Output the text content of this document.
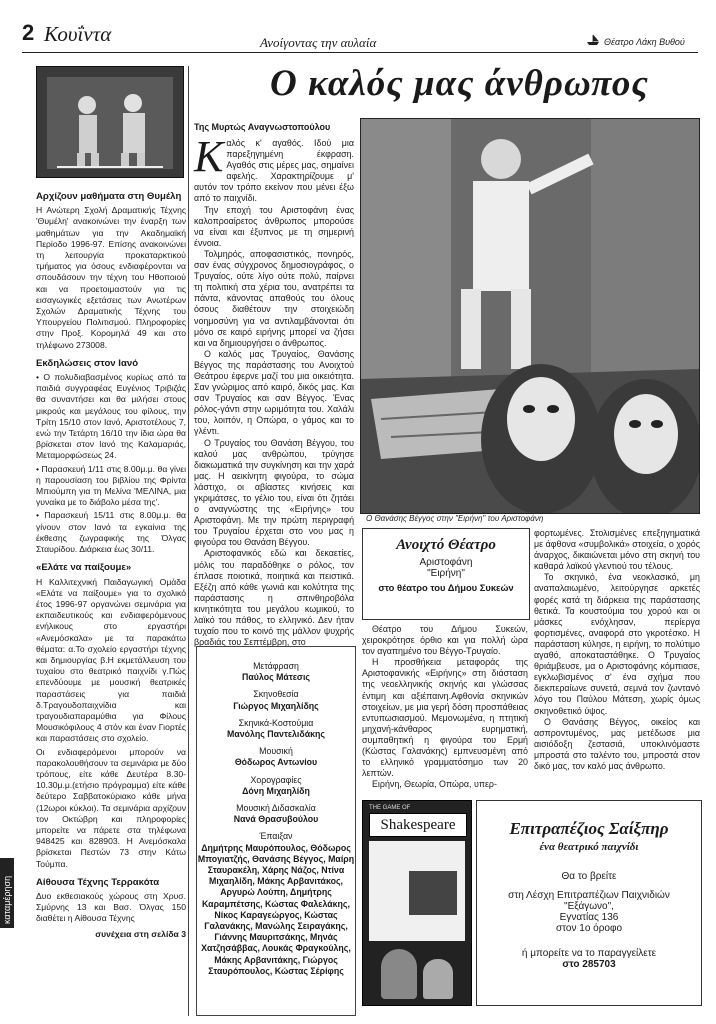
2 Κουΐντα	Ανοίγοντας την αυλαία	Θέατρο Λάκη Βυθού
Ο καλός μας άνθρωπος
Αρχίζουν μαθήματα στη Θυμέλη

Η Ανώτερη Σχολή Δραματικής Τέχνης 'Θυμέλη' ανακοινώνει την έναρξη των μαθημάτων για την Ακαδημαϊκή Περίοδο 1996-97. Επίσης ανακοινώνει τη λειτουργία προκαταρκτικού τμήματος για όσους ενδιαφέρονται να σπουδάσουν την τέχνη του Ηθοποιού και να προετοιμαστούν για τις εισαγωγικές εξετάσεις των Ανωτέρων Σχολών Δραματικής Τέχνης του Υπουργείου Πολιτισμού. Πληροφορίες στην Προξ. Κορομηλά 49 και στο τηλέφωνο 273008.

Εκδηλώσεις στον Ιανό

• Ο πολυδιαβασμένος κυρίως από τα παιδιά συγγραφέας Ευγένιος Τριβιζάς θα συναντήσει και θα μιλήσει στους μικρούς και μεγάλους του φίλους, την Τρίτη 15/10 στον Ιανό, Αριστοτέλους 7, ενώ την Τετάρτη 16/10 την ίδια ώρα θα βρίσκεται στον Ιανό της Καλαμαριάς, Μεταμορφώσεως 24.

• Παρασκευή 1/11 στις 8.00μ.μ. θα γίνει η παρουσίαση του βιβλίου της Φρίντα Μπιούμπη για τη Μελίνα 'ΜΕΛΙΝΑ, μια γυναίκα με το διάβολο μέσα της'.

• Παρασκευή 15/11 στις 8.00μ.μ. θα γίνουν στον Ιανό τα εγκαίνια της έκθεσης ζωγραφικής της Όλγας Σταυρίδου. Διάρκεια έως 30/11.

«Ελάτε να παίξουμε»

Η Καλλιτεχνική Παιδαγωγική Ομάδα «Ελάτε να παίξουμε» για το σχολικό έτος 1996-97 οργανώνει σεμινάρια για εκπαιδευτικούς και ενδιαφερόμενους ενήλικους στο εργαστήρι «Ανεμόσκαλα» με τα παρακάτω θέματα: α.Το σχολείο εργαστήρι τέχνης και δημιουργίας β.Η εκμετάλλευση του τυχαίου στο θεατρικό παιχνίδι γ.Πώς επενδύουμε με μουσική θεατρικές παραστάσεις για παιδιά δ.Τραγουδοπαιχνίδια και τραγουδιαπαραμύθια για Φίλους Μουσικόφιλους 4 στόν και έναν Γιορτές και παραστάσεις στο σχολείο.

Οι ενδιαφερόμενοι μπορούν να παρακολουθήσουν τα σεμινάρια με δύο τρόπους, είτε κάθε Δευτέρα 8.30-10.30μ.μ.(ετήσιο πρόγραμμα) είτε κάθε δεύτερο Σαββατοκύριακο κάθε μήνα (12ωροι κύκλοι). Τα σεμινάρια αρχίζουν τον Οκτώβρη και πληροφορίες μπορείτε να πάρετε στα τηλέφωνα 948425 και 828903. Η Ανεμόσκαλα βρίσκεται Πεστών 73 στην Κάτω Τούμπα.

Αίθουσα Τέχνης Τερρακότα

Δυο εκθεσιακούς χώρους στη Χρυσ. Σμύρνης 13 και Βασ. Όλγας 150 διαθέτει η Αίθουσα Τέχνης

συνέχεια στη σελίδα 3
καταμέρηση
Της Μυρτώς Αναγνωστοπούλου

Καλός κ' αγαθός. Ιδού μια παρεξηγημένη έκφραση. Αγαθός στις μέρες μας, σημαίνει αφελής. Χαρακτηρίζουμε μ' αυτόν τον τρόπο εκείνον που μένει έξω από το παιχνίδι.

Την εποχή του Αριστοφάνη ένας καλοπροαίρετος άνθρωπος μπορούσε να είναι και έξυπνος με τη σημερινή έννοια.

Τολμηρός, αποφασιστικός, πονηρός, σαν ένας σύγχρονος δημοσιογράφος, ο Τρυγαίος, ούτε λίγο ούτε πολύ, παίρνει τη πολιτική στα χέρια του, ανατρέπει τα πάντα, κάνοντας απαθούς του όλους όσους διαθέτουν την στοιχειώδη νοημοσύνη για να αντιλαμβάνονται ότι μόνο σε καιρό ειρήνης μπορεί να ζήσει και να δημιουργήσει ο άνθρωπος.

Ο καλός μας Τρυγαίος, Θανάσης Βέγγος της παράστασης του Ανοιχτού Θεάτρου έφερνε μαζί του μια οικειότητα. Σαν γνώριμος από καιρό, δικός μας. Και σαν Τρυγαίος και σαν Βέγγος. Ένας ρόλος-γάντι στην ωριμότητα του. Χαλάλι του, λοιπόν, η Οπώρα, ο γάμος και το γλέντι.

Ο Τρυγαίος του Θανάση Βέγγου, του καλού μας ανθρώπου, τρύγησε διακωματικά την συγκίνηση και την χαρά μας. Η αεικίνητη φιγούρα, το σώμα λάστιχο, οι αβίαστες κινήσεις και γκριμάτσες, το γέλιο του, είναι ότι ζητάει ο αναγνώστης της «Ειρήνης» του Αριστοφάνη. Με την πρώτη περιγραφή του Τρυγαίου έρχεται στο νου μας η φιγούρα του Θανάση Βέγγου.

Αριστοφανικός εδώ και δεκαετίες, μόλις του παραδόθηκε ο ρόλος, τον έπλασε ποιοτικά, ποιητικά και πειστικά. Εξέζη από κάθε γωνιά και κολύτητα της παράστασης η σπινθηροβόλα κινητικότητα του μεγάλου κωμικού, το λαϊκό του πάθος, το ελληνικό. Δεν ήταν τυχαίο που το κοινό της μάλλον ψυχρής βραδιάς του Σεπτέμβρη, στο

Μετάφραση
Παύλος Μάτεσις
Σκηνοθεσία
Γιώργος Μιχαηλίδης
Σκηνικά-Κοστούμια
Μανόλης Παντελιδάκης
Μουσική
Θόδωρος Αντωνίου
Χορογραφίες
Δόνη Μιχαηλίδη
Μουσική Διδασκαλία
Νανά Θρασυβούλου
Έπαιξαν
Δημήτρης Μαυρόπουλος, Θόδωρος Μπογιατζής, Θανάσης Βέγγος, Μαίρη Σταυρακέλη, Χάρης Νάζος, Ντίνα Μιχαηλίδη, Μάκης Αρβανιτάκος, Αργυρώ Λούπη, Δημήτρης Καραμπέτσης, Κώστας Φαλελάκης, Νίκος Καραγεώργος, Κώστας Γαλανάκης, Μανώλης Σειραγάκης, Γιάννης Μαυριτσάκης, Μηνάς Χατζησάββας, Λουκάς Φραγκούλης, Μάκης Αρβανιτάκης, Γιώργος Σταυρόπουλος, Κώστας Σέρίφης
Ο Θανάσης Βέγγος στην "Ειρήνη" του Αριστοφάνη
Ανοιχτό Θέατρο
Αριστοφάνη
"Ειρήνη"
στο θέατρο του Δήμου Συκεών

Θέατρο του Δήμου Συκεών, χειροκρότησε όρθιο και για πολλή ώρα τον αγαπημένο του Βέγγο-Τρυγαίο.

Η προσθήκεια μεταφοράς της Αριστοφανικής «Ειρήνης» στη διάσταση της νεοελληνικής σκηνής και γλώσσας έντιμη και αξιέπαινη.Αφθονία σκηνικών στοιχείων, με μια γερή δόση προσπάθειας εντυπωσιασμού. Μεμονωμένα, η πτητική μηχανή-κάνθαρος ευρηματική, συμπαθητική η φιγούρα του Ερμή (Κώστας Γαλανάκης) εμπνευσμένη από το ελληνικό γραμματόσημο των 20 λεπτών.

Ειρήνη, Θεωρία, Οπώρα, υπερ-

φορτωμένες. Στολισμένες επεξηγηματικά με άφθονα «συμβολικά» στοιχεία, ο χορός άναρχος, δικαιώνεται μόνο στη σκηνή του καθαρά λαϊκού γλεντιού του τέλους.

Το σκηνικό, ένα νεοκλασικό, μη αναπαλαιωμένο, λειτούργησε αρκετές φορές κατά τη διάρκεια της παράστασης θετικά. Τα κουστούμια του χορού και οι μάσκες ενόχλησαν, περίεργα φορτισμένες, αναφορά στο γκροτέσκο. Η παράσταση κύλησε, η ειρήνη, το πολύτιμο αγαθό, αποκαταστάθηκε. Ο Τρυγαίος θριάμβευσε, μα ο Αριστοφάνης κόμπιασε, εγκλωβισμένος σ' ένα σχήμα που διεκπεραίωνε συνετά, σεμνά τον ζωντανό λόγο του Παύλου Μάτεση, χωρίς όμως σκηνοθετικό ύψος.

Ο Θανάσης Βέγγος, οικείος και ασπροντυμένος, μας μετέδωσε μια αισιόδοξη ζεστασιά, υποκλινόμαστε μπροστά στο ταλέντο του, μπροστά στον δικό μας, τον καλό μας άνθρωπο.

THE GAME OF
Shakespeare	Επιτραπέζιος Σαίξπηρ
ένα θεατρικό παιχνίδι
Θα το βρείτε
στη Λέσχη Επιτραπέζιων Παιχνιδιών
"Εξάγωνο",
Εγνατίας 136
στον 1ο όροφο
ή μπορείτε να το παραγγείλετε
στο 285703
